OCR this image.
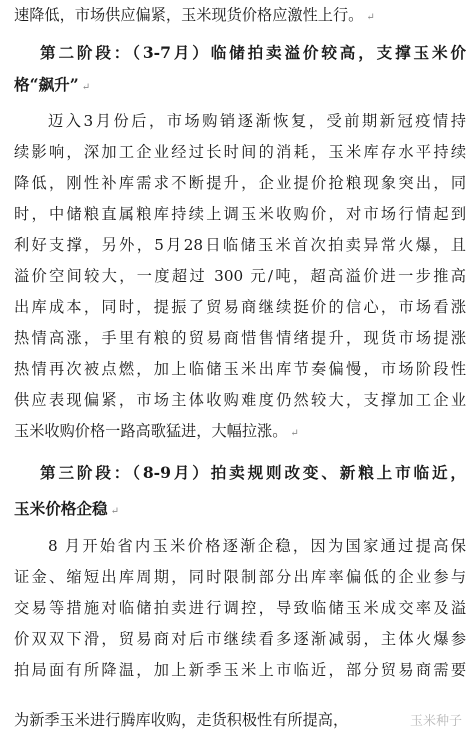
速降低，市场供应偏紧，玉米现货价格应激性上行。 ↵
第二阶段：（3-7月）临储拍卖溢价较高，支撑玉米价
格“飙升” ↵
迈入3月份后，市场购销逐渐恢复，受前期新冠疫情持
续影响，深加工企业经过长时间的消耗，玉米库存水平持续
降低，刚性补库需求不断提升，企业提价抢粮现象突出，同
时，中储粮直属粮库持续上调玉米收购价，对市场行情起到
利好支撑，另外，5月28日临储玉米首次拍卖异常火爆，且
溢价空间较大，一度超过 300 元/吨，超高溢价进一步推高
出库成本，同时，提振了贸易商继续挺价的信心，市场看涨
热情高涨，手里有粮的贸易商惜售情绪提升，现货市场提涨
热情再次被点燃，加上临储玉米出库节奏偏慢，市场阶段性
供应表现偏紧，市场主体收购难度仍然较大，支撑加工企业
玉米收购价格一路高歌猛进，大幅拉涨。 ↵
第三阶段：（8-9月）拍卖规则改变、新粮上市临近，
玉米价格企稳 ↵
8 月开始省内玉米价格逐渐企稳，因为国家通过提高保
证金、缩短出库周期，同时限制部分出库率偏低的企业参与
交易等措施对临储拍卖进行调控，导致临储玉米成交率及溢
价双双下滑，贸易商对后市继续看多逐渐减弱，主体火爆参
拍局面有所降温，加上新季玉米上市临近，部分贸易商需要
为新季玉米进行腾库收购，走货积极性有所提高，	玉米种子
